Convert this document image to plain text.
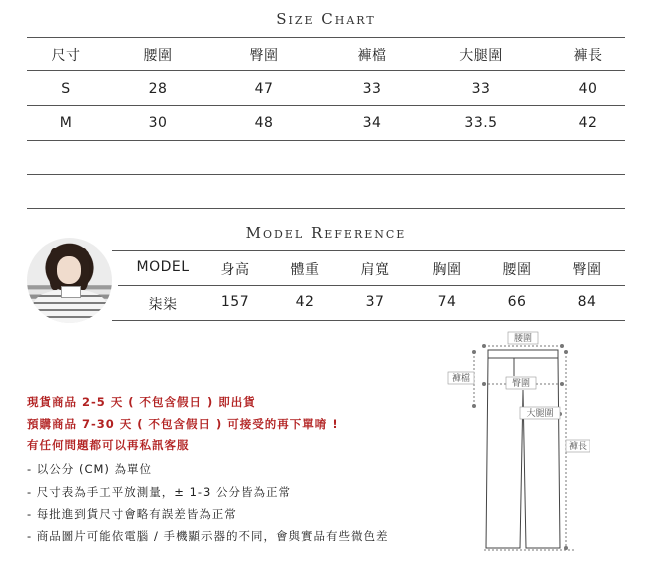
Size Chart
尺寸	腰圍	臀圍	褲檔	大腿圍	褲長
S	28	47	33	33	40
M	30	48	34	33.5	42
Model Reference
MODEL	身高	體重	肩寬	胸圍	腰圍	臀圍
柒柒	157	42	37	74	66	84
現貨商品 2-5 天 ( 不包含假日 ) 即出貨
預購商品 7-30 天 ( 不包含假日 ) 可接受的再下單唷 !
有任何問題都可以再私訊客服
- 以公分 (CM) 為單位
- 尺寸表為手工平放測量，± 1-3 公分皆為正常
- 每批進到貨尺寸會略有誤差皆為正常
- 商品圖片可能依電腦 / 手機顯示器的不同，會與實品有些微色差
腰圍
褲檔	臀圍
大腿圍
褲長
